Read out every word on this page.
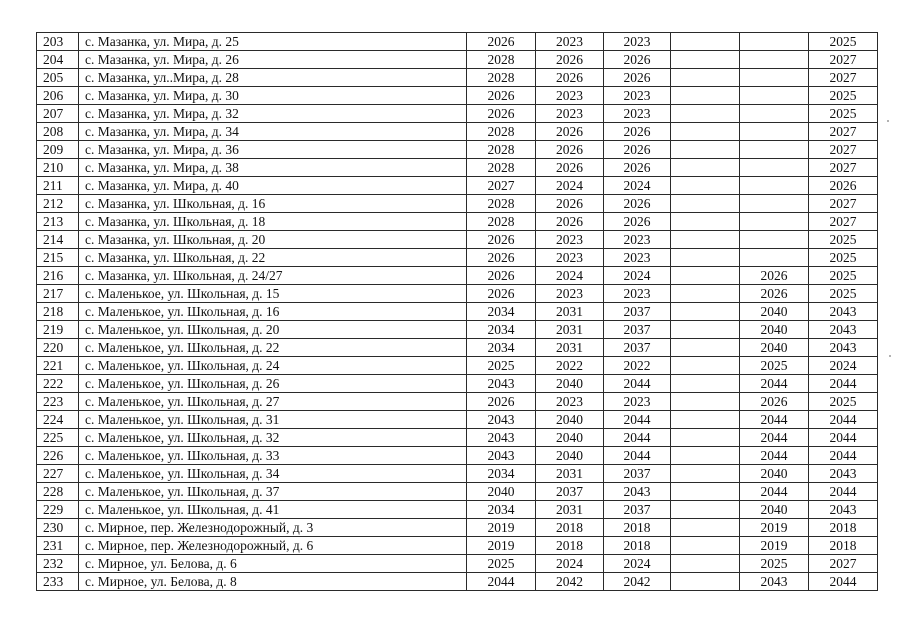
203	с. Мазанка, ул. Мира, д. 25	2026	2023	2023			2025
204	с. Мазанка, ул. Мира, д. 26	2028	2026	2026			2027
205	с. Мазанка, ул..Мира, д. 28	2028	2026	2026			2027
206	с. Мазанка, ул. Мира, д. 30	2026	2023	2023			2025
207	с. Мазанка, ул. Мира, д. 32	2026	2023	2023			2025
208	с. Мазанка, ул. Мира, д. 34	2028	2026	2026			2027
209	с. Мазанка, ул. Мира, д. 36	2028	2026	2026			2027
210	с. Мазанка, ул. Мира, д. 38	2028	2026	2026			2027
211	с. Мазанка, ул. Мира, д. 40	2027	2024	2024			2026
212	с. Мазанка, ул. Школьная, д. 16	2028	2026	2026			2027
213	с. Мазанка, ул. Школьная, д. 18	2028	2026	2026			2027
214	с. Мазанка, ул. Школьная, д. 20	2026	2023	2023			2025
215	с. Мазанка, ул. Школьная, д. 22	2026	2023	2023			2025
216	с. Мазанка, ул. Школьная, д. 24/27	2026	2024	2024		2026	2025
217	с. Маленькое, ул. Школьная, д. 15	2026	2023	2023		2026	2025
218	с. Маленькое, ул. Школьная, д. 16	2034	2031	2037		2040	2043
219	с. Маленькое, ул. Школьная, д. 20	2034	2031	2037		2040	2043
220	с. Маленькое, ул. Школьная, д. 22	2034	2031	2037		2040	2043
221	с. Маленькое, ул. Школьная, д. 24	2025	2022	2022		2025	2024
222	с. Маленькое, ул. Школьная, д. 26	2043	2040	2044		2044	2044
223	с. Маленькое, ул. Школьная, д. 27	2026	2023	2023		2026	2025
224	с. Маленькое, ул. Школьная, д. 31	2043	2040	2044		2044	2044
225	с. Маленькое, ул. Школьная, д. 32	2043	2040	2044		2044	2044
226	с. Маленькое, ул. Школьная, д. 33	2043	2040	2044		2044	2044
227	с. Маленькое, ул. Школьная, д. 34	2034	2031	2037		2040	2043
228	с. Маленькое, ул. Школьная, д. 37	2040	2037	2043		2044	2044
229	с. Маленькое, ул. Школьная, д. 41	2034	2031	2037		2040	2043
230	с. Мирное, пер. Железнодорожный, д. 3	2019	2018	2018		2019	2018
231	с. Мирное, пер. Железнодорожный, д. 6	2019	2018	2018		2019	2018
232	с. Мирное, ул. Белова, д. 6	2025	2024	2024		2025	2027
233	с. Мирное, ул. Белова, д. 8	2044	2042	2042		2043	2044
